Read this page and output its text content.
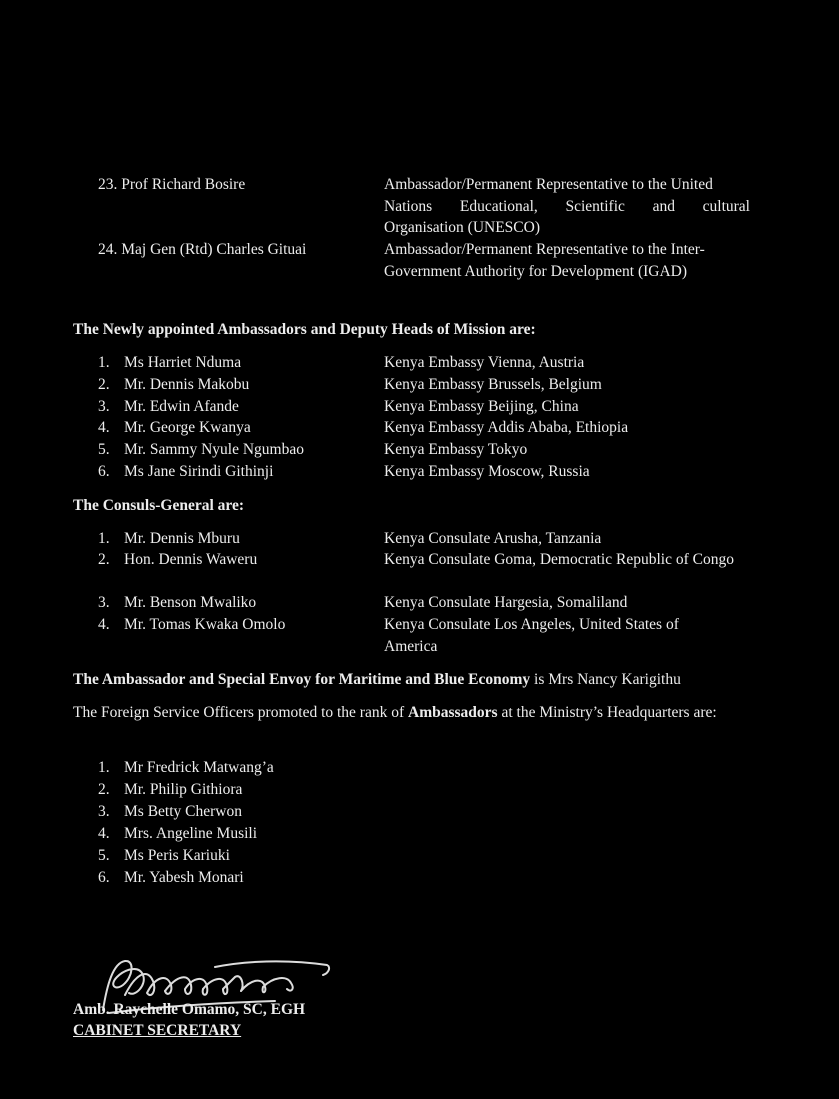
23. Prof Richard Bosire	Ambassador/Permanent Representative to the United
Nations Educational, Scientific and cultural
Organisation (UNESCO)
24. Maj Gen (Rtd) Charles Gituai	Ambassador/Permanent Representative to the Inter-
Government Authority for Development (IGAD)
The Newly appointed Ambassadors and Deputy Heads of Mission are:
1. Ms Harriet Nduma	Kenya Embassy Vienna, Austria
2. Mr. Dennis Makobu	Kenya Embassy Brussels, Belgium
3. Mr. Edwin Afande	Kenya Embassy Beijing, China
4. Mr. George Kwanya	Kenya Embassy Addis Ababa, Ethiopia
5. Mr. Sammy Nyule Ngumbao	Kenya Embassy Tokyo
6. Ms Jane Sirindi Githinji	Kenya Embassy Moscow, Russia
The Consuls-General are:
1. Mr. Dennis Mburu	Kenya Consulate Arusha, Tanzania
2. Hon. Dennis Waweru	Kenya Consulate Goma, Democratic Republic of Congo
3. Mr. Benson Mwaliko	Kenya Consulate Hargesia, Somaliland
4. Mr. Tomas Kwaka Omolo	Kenya Consulate Los Angeles, United States of America
The Ambassador and Special Envoy for Maritime and Blue Economy is Mrs Nancy Karigithu
The Foreign Service Officers promoted to the rank of Ambassadors at the Ministry’s Headquarters are:
1. Mr Fredrick Matwang’a
2. Mr. Philip Githiora
3. Ms Betty Cherwon
4. Mrs. Angeline Musili
5. Ms Peris Kariuki
6. Mr. Yabesh Monari
Amb. Raychelle Omamo, SC, EGH
CABINET SECRETARY
